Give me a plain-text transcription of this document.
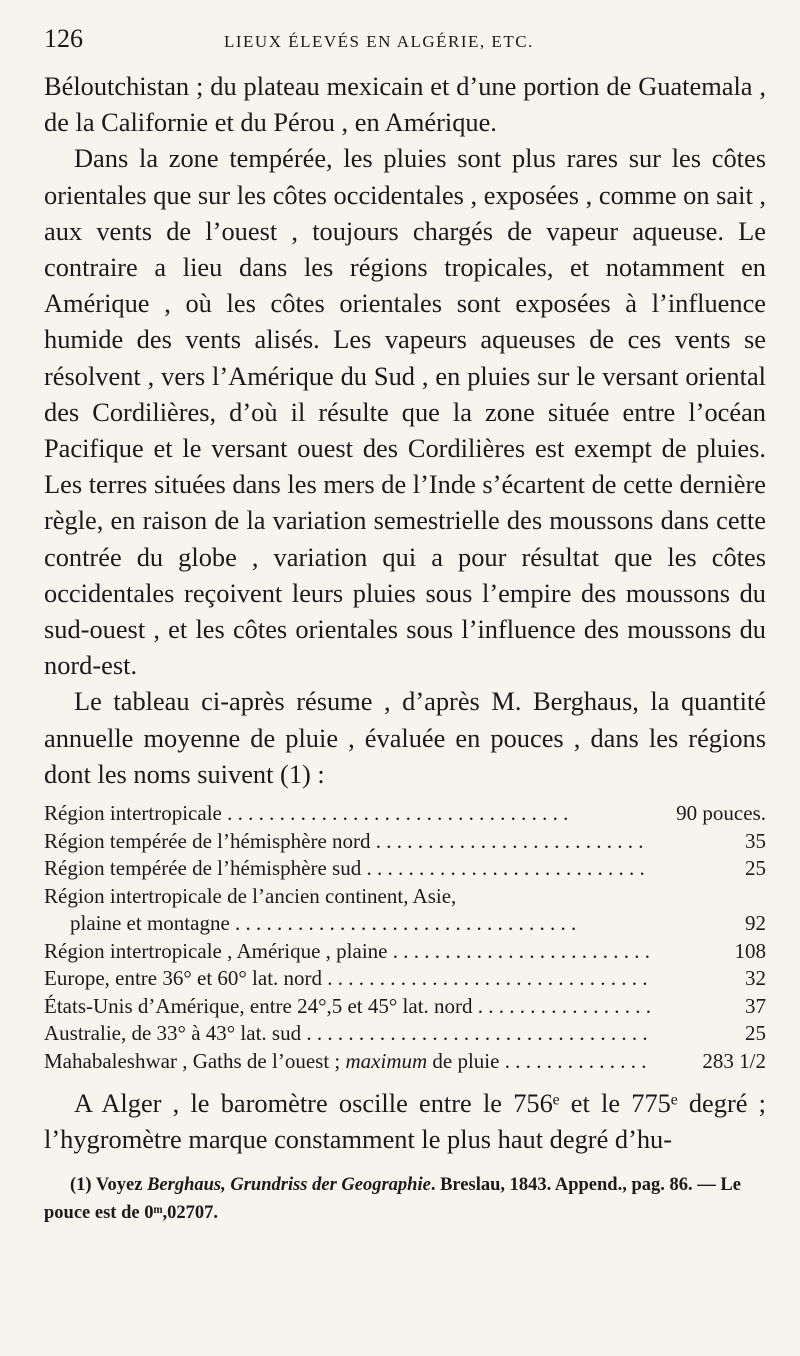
126	LIEUX ÉLEVÉS EN ALGÉRIE, ETC.

Béloutchistan ; du plateau mexicain et d’une portion de Guatemala , de la Californie et du Pérou , en Amérique.

Dans la zone tempérée, les pluies sont plus rares sur les côtes orientales que sur les côtes occidentales , exposées , comme on sait , aux vents de l’ouest , toujours chargés de vapeur aqueuse. Le contraire a lieu dans les régions tropicales, et notamment en Amérique , où les côtes orientales sont exposées à l’influence humide des vents alisés. Les vapeurs aqueuses de ces vents se résolvent , vers l’Amérique du Sud , en pluies sur le versant oriental des Cordilières, d’où il résulte que la zone située entre l’océan Pacifique et le versant ouest des Cordilières est exempt de pluies. Les terres situées dans les mers de l’Inde s’écartent de cette dernière règle, en raison de la variation semestrielle des moussons dans cette contrée du globe , variation qui a pour résultat que les côtes occidentales reçoivent leurs pluies sous l’empire des moussons du sud-ouest , et les côtes orientales sous l’influence des moussons du nord-est.

Le tableau ci-après résume , d’après M. Berghaus, la quantité annuelle moyenne de pluie , évaluée en pouces , dans les régions dont les noms suivent (1) :

Région intertropicale . . .	90 pouces.
Région tempérée de l’hémisphère nord . . .	35
Région tempérée de l’hémisphère sud . . .	25
Région intertropicale de l’ancien continent, Asie,
plaine et montagne . . .	92
Région intertropicale , Amérique , plaine . . .	108
Europe, entre 36° et 60° lat. nord . . .	32
États-Unis d’Amérique, entre 24°,5 et 45° lat. nord . . .	37
Australie, de 33° à 43° lat. sud . . .	25
Mahabaleshwar , Gaths de l’ouest ; maximum de pluie . . .	283 1/2

A Alger , le baromètre oscille entre le 756ᵉ et le 775ᵉ degré ; l’hygromètre marque constamment le plus haut degré d’hu-

(1) Voyez Berghaus, Grundriss der Geographie. Breslau, 1843. Append., pag. 86. — Le pouce est de 0ᵐ,02707.
